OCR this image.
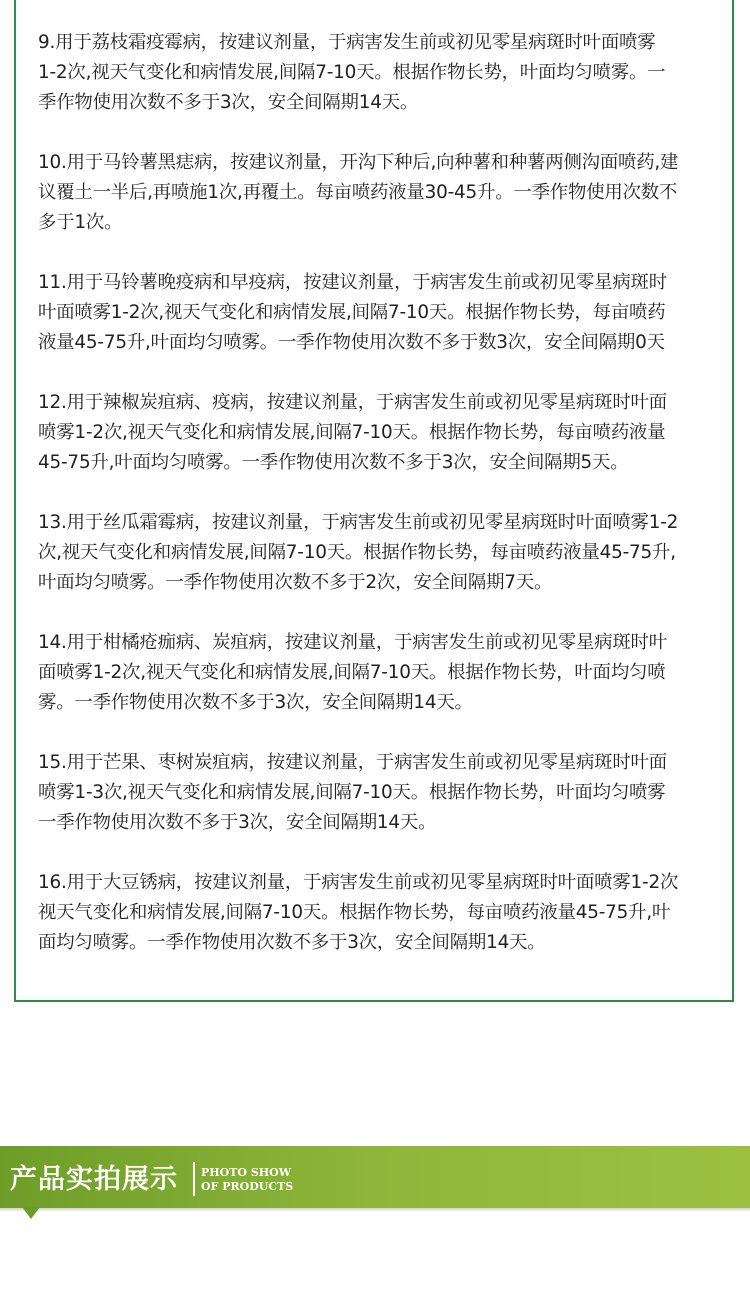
9.用于荔枝霜疫霉病，按建议剂量，于病害发生前或初见零星病斑时叶面喷雾
1-2次,视天气变化和病情发展,间隔7-10天。根据作物长势，叶面均匀喷雾。一
季作物使用次数不多于3次，安全间隔期14天。

10.用于马铃薯黑痣病，按建议剂量，开沟下种后,向种薯和种薯两侧沟面喷药,建
议覆土一半后,再喷施1次,再覆土。每亩喷药液量30-45升。一季作物使用次数不
多于1次。

11.用于马铃薯晚疫病和早疫病，按建议剂量，于病害发生前或初见零星病斑时
叶面喷雾1-2次,视天气变化和病情发展,间隔7-10天。根据作物长势，每亩喷药
液量45-75升,叶面均匀喷雾。一季作物使用次数不多于数3次，安全间隔期0天

12.用于辣椒炭疽病、疫病，按建议剂量，于病害发生前或初见零星病斑时叶面
喷雾1-2次,视天气变化和病情发展,间隔7-10天。根据作物长势，每亩喷药液量
45-75升,叶面均匀喷雾。一季作物使用次数不多于3次，安全间隔期5天。

13.用于丝瓜霜霉病，按建议剂量，于病害发生前或初见零星病斑时叶面喷雾1-2
次,视天气变化和病情发展,间隔7-10天。根据作物长势，每亩喷药液量45-75升,
叶面均匀喷雾。一季作物使用次数不多于2次，安全间隔期7天。

14.用于柑橘疮痂病、炭疽病，按建议剂量，于病害发生前或初见零星病斑时叶
面喷雾1-2次,视天气变化和病情发展,间隔7-10天。根据作物长势，叶面均匀喷
雾。一季作物使用次数不多于3次，安全间隔期14天。

15.用于芒果、枣树炭疽病，按建议剂量，于病害发生前或初见零星病斑时叶面
喷雾1-3次,视天气变化和病情发展,间隔7-10天。根据作物长势，叶面均匀喷雾
一季作物使用次数不多于3次，安全间隔期14天。

16.用于大豆锈病，按建议剂量，于病害发生前或初见零星病斑时叶面喷雾1-2次
视天气变化和病情发展,间隔7-10天。根据作物长势，每亩喷药液量45-75升,叶
面均匀喷雾。一季作物使用次数不多于3次，安全间隔期14天。

产品实拍展示 PHOTO SHOW
OF PRODUCTS
